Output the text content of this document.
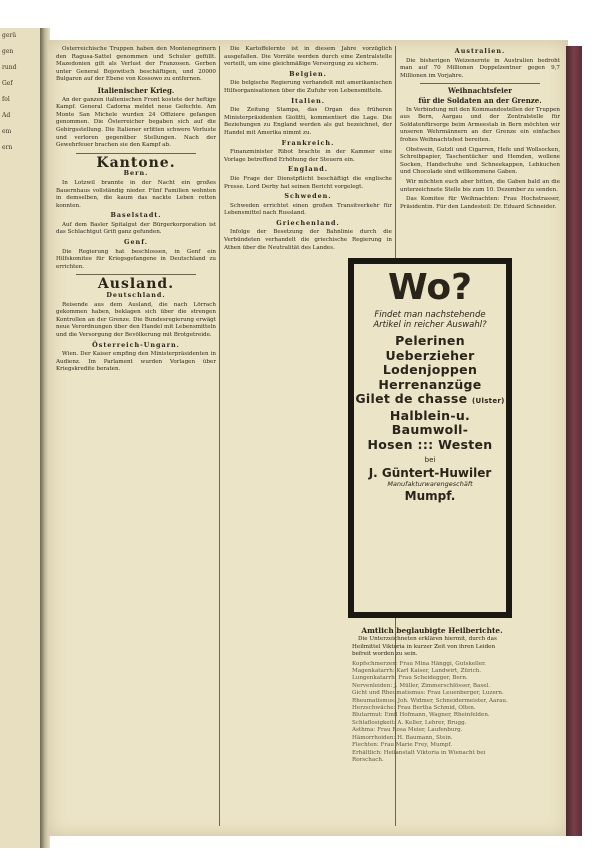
gerü
gen
rund
Gef
fol
Ad
em
ern

Österreichische Truppen haben den Montenegrinern den Ragusa-Sattel genommen und Schuler gefüllt. Mazedonien gilt als Verlust der Franzosen. Gerben unter General Bojowitsch beschäftigen, und 20000 Bulgaren auf der Ebene von Kossowo zu entfernen.

Italienischer Krieg.

An der ganzen italienischen Front kostete der heftige Kampf. General Cadorna meldet neue Gefechte. Am Monte San Michele wurden 24 Offiziere gefangen genommen. Die Österreicher begaben sich auf die Gebirgsstellung. Die Italiener erlitten schwere Verluste und verloren gegenüber Stellungen. Nach der Gewehrfeuer brachen sie den Kampf ab.

Kantone.
Bern.

In Lotzwil brannte in der Nacht ein großes Bauernhaus vollständig nieder. Fünf Familien wohnten in demselben, die kaum das nackte Leben retten konnten.

Baselstadt.

Auf dem Basler Spitalgut der Bürgerkorporation ist das Schlachtgut Grifi ganz gefunden.

Genf.

Die Regierung hat beschlossen, in Genf ein Hilfskomitee für Kriegsgefangene in Deutschland zu errichten.

Ausland.
Deutschland.

Reisende aus dem Ausland, die nach Lörrach gekommen haben, beklagen sich über die strengen Kontrollen an der Grenze. Die Bundesregierung erwägt neue Verordnungen über den Handel mit Lebensmitteln und die Versorgung der Bevölkerung mit Brotgetreide.

Österreich-Ungarn.

Wien. Der Kaiser empfing den Ministerpräsidenten in Audienz. Im Parlament wurden Vorlagen über Kriegskredite beraten.

Die Kartoffelernte ist in diesem Jahre vorzüglich ausgefallen. Die Vorräte werden durch eine Zentralstelle verteilt, um eine gleichmäßige Versorgung zu sichern.

Belgien.

Die belgische Regierung verhandelt mit amerikanischen Hilfsorganisationen über die Zufuhr von Lebensmitteln.

Italien.

Die Zeitung Stampa, das Organ des früheren Ministerpräsidenten Giolitti, kommentiert die Lage. Die Beziehungen zu England werden als gut bezeichnet, der Handel mit Amerika nimmt zu.

Frankreich.

Finanzminister Ribot brachte in der Kammer eine Vorlage betreffend Erhöhung der Steuern ein.

England.

Die Frage der Dienstpflicht beschäftigt die englische Presse. Lord Derby hat seinen Bericht vorgelegt.

Schweden.

Schweden errichtet einen großen Transitverkehr für Lebensmittel nach Russland.

Griechenland.

Infolge der Besetzung der Bahnlinie durch die Verbündeten verhandelt die griechische Regierung in Athen über die Neutralität des Landes.

Australien.

Die bisherigen Weizenernte in Australien bedroht man auf 70 Millionen Doppelzentner gegen 9,7 Millionen im Vorjahre.

Weihnachtsfeier
für die Soldaten an der Grenze.

In Verbindung mit den Kommandostellen der Truppen aus Bern, Aargau und der Zentralstelle für Soldatenfürsorge beim Armeestab in Bern möchten wir unseren Wehrmännern an der Grenze ein einfaches frohes Weihnachtsfest bereiten.

Obstwein, Gutzli und Cigarren, Hefe und Wollsocken, Schreibpapier, Taschentücher und Hemden, wollene Socken, Handschuhe und Schneekappen, Lebkuchen und Chocolade sind willkommene Gaben.

Wir möchten euch aber bitten, die Gaben bald an die unterzeichnete Stelle bis zum 10. Dezember zu senden.

Das Komitee für Weihnachten: Frau Hochstrasser, Präsidentin. Für den Landesteil: Dr. Eduard Schneider.

Wo?
Findet man nachstehende Artikel in reicher Auswahl?
Pelerinen
Ueberzieher
Lodenjoppen
Herrenanzüge
Gilet de chasse (Ulster)
Halblein-u. Baumwoll-
Hosen ::: Westen
bei
J. Güntert-Huwiler
Manufakturwarengeschäft
Mumpf.
Amtlich beglaubigte Heilberichte.

Die Unterzeichneten erklären hiermit, durch das Heilmittel Viktoria in kurzer Zeit von ihren Leiden befreit worden zu sein.

Kopfschmerzen: Frau Mina Hänggi, Gutskeller.

Magenkatarrh: Karl Kaiser, Landwirt, Zürich.

Lungenkatarrh: Frau Scheidegger, Bern.

Nervenleiden: J. Müller, Zimmerschlösser, Basel.

Gicht und Rheumatismus: Frau Leuenberger, Luzern.

Rheumatismus: Joh. Widmer, Schneidermeister, Aarau.

Herzschwäche: Frau Bertha Schmid, Olten.

Blutarmut: Emil Hofmann, Wagner, Rheinfelden.

Schlaflosigkeit: A. Keller, Lehrer, Brugg.

Asthma: Frau Rosa Meier, Laufenburg.

Hämorrhoiden: H. Baumann, Stein.

Flechten: Frau Marie Frey, Mumpf.

Erhältlich: Heilanstalt Viktoria in Wienacht bei Rorschach.
